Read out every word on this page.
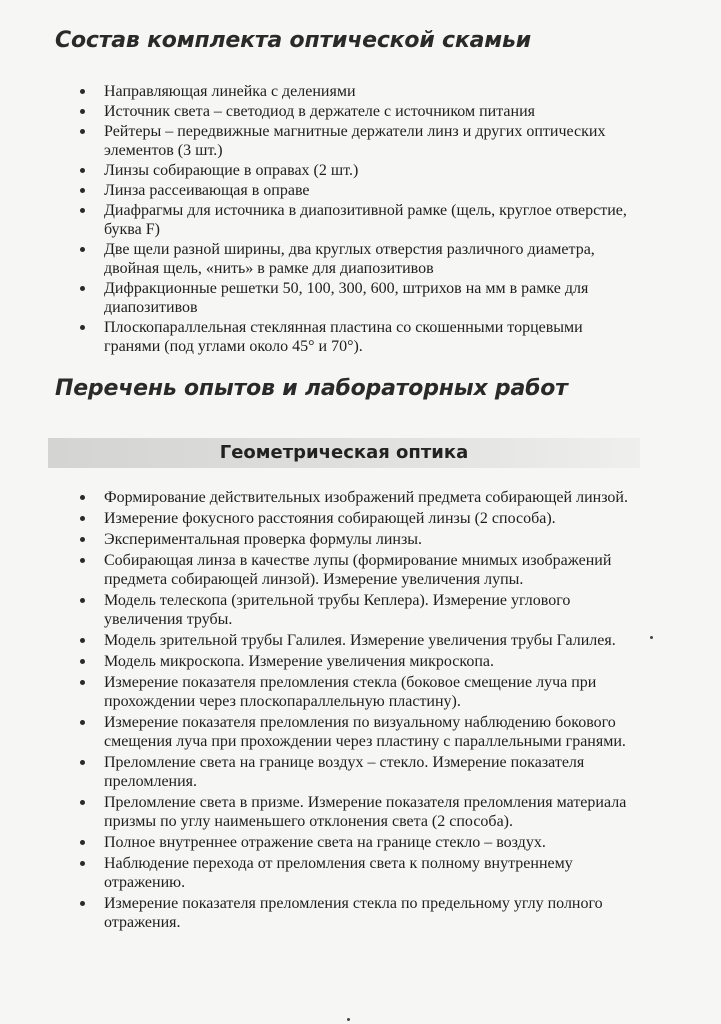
Состав комплекта оптической скамьи
Направляющая линейка с делениями
Источник света – светодиод в держателе с источником питания
Рейтеры – передвижные магнитные держатели линз и других оптических элементов (3 шт.)
Линзы собирающие в оправах (2 шт.)
Линза рассеивающая в оправе
Диафрагмы для источника в диапозитивной рамке (щель, круглое отверстие, буква F)
Две щели разной ширины, два круглых отверстия различного диаметра, двойная щель, «нить» в рамке для диапозитивов
Дифракционные решетки 50, 100, 300, 600, штрихов на мм в рамке для диапозитивов
Плоскопараллельная стеклянная пластина со скошенными торцевыми гранями (под углами около 45° и 70°).
Перечень опытов и лабораторных работ
Геометрическая оптика
Формирование действительных изображений предмета собирающей линзой.
Измерение фокусного расстояния собирающей линзы (2 способа).
Экспериментальная проверка формулы линзы.
Собирающая линза в качестве лупы (формирование мнимых изображений предмета собирающей линзой). Измерение увеличения лупы.
Модель телескопа (зрительной трубы Кеплера). Измерение углового увеличения трубы.
Модель зрительной трубы Галилея. Измерение увеличения трубы Галилея.
Модель микроскопа. Измерение увеличения микроскопа.
Измерение показателя преломления стекла (боковое смещение луча при прохождении через плоскопараллельную пластину).
Измерение показателя преломления по визуальному наблюдению бокового смещения луча при прохождении через пластину с параллельными гранями.
Преломление света на границе воздух – стекло. Измерение показателя преломления.
Преломление света в призме. Измерение показателя преломления материала призмы по углу наименьшего отклонения света (2 способа).
Полное внутреннее отражение света на границе стекло – воздух.
Наблюдение перехода от преломления света к полному внутреннему отражению.
Измерение показателя преломления стекла по предельному углу полного отражения.
